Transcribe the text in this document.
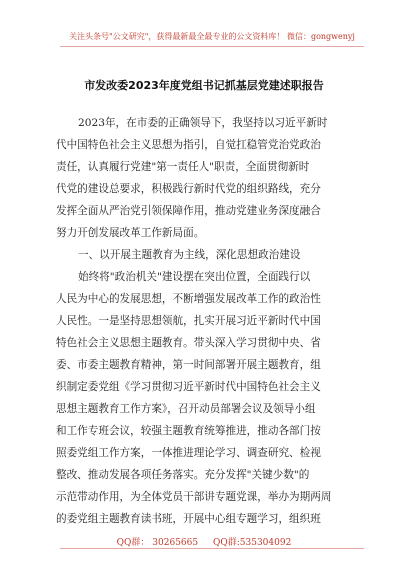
关注头条号"公文研究"，获得最新最全最专业的公文资料库！ 微信：gongwenyj
市发改委2023年度党组书记抓基层党建述职报告

2023年，在市委的正确领导下，我坚持以习近平新时

代中国特色社会主义思想为指引，自觉扛稳管党治党政治

责任，认真履行党建"第一责任人"职责，全面贯彻新时

代党的建设总要求，积极践行新时代党的组织路线，充分

发挥全面从严治党引领保障作用，推动党建业务深度融合

努力开创发展改革工作新局面。

一、以开展主题教育为主线，深化思想政治建设

始终将"政治机关"建设摆在突出位置，全面践行以

人民为中心的发展思想，不断增强发展改革工作的政治性

人民性。一是坚持思想领航，扎实开展习近平新时代中国

特色社会主义思想主题教育。带头深入学习贯彻中央、省

委、市委主题教育精神，第一时间部署开展主题教育，组

织制定委党组《学习贯彻习近平新时代中国特色社会主义

思想主题教育工作方案》，召开动员部署会议及领导小组

和工作专班会议，较强主题教育统筹推进，推动各部门按

照委党组工作方案，一体推进理论学习、调查研究、检视

整改、推动发展各项任务落实。充分发挥"关键少数"的

示范带动作用，为全体党员干部讲专题党课，举办为期两周

的委党组主题教育读书班，开展中心组专题学习，组织班

QQ群： 30265665 QQ群:535304092
